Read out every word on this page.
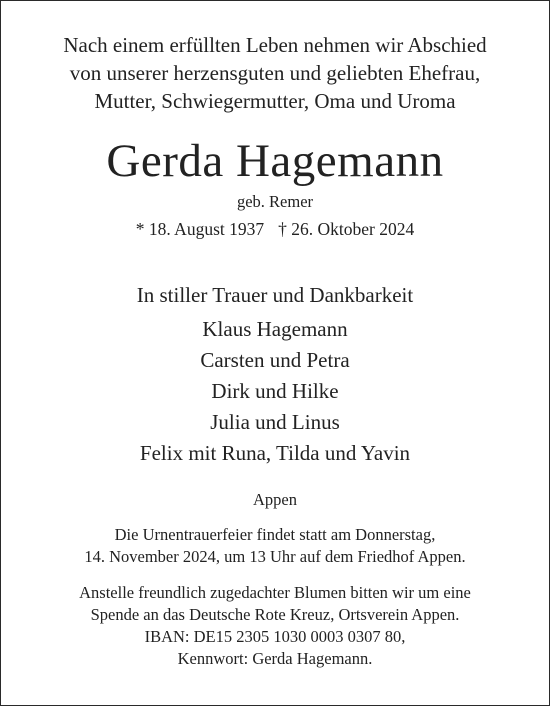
Nach einem erfüllten Leben nehmen wir Abschied
von unserer herzensguten und geliebten Ehefrau,
Mutter, Schwiegermutter, Oma und Uroma
Gerda Hagemann
geb. Remer
* 18. August 1937 † 26. Oktober 2024
In stiller Trauer und Dankbarkeit
Klaus Hagemann
Carsten und Petra
Dirk und Hilke
Julia und Linus
Felix mit Runa, Tilda und Yavin
Appen
Die Urnentrauerfeier findet statt am Donnerstag,
14. November 2024, um 13 Uhr auf dem Friedhof Appen.
Anstelle freundlich zugedachter Blumen bitten wir um eine
Spende an das Deutsche Rote Kreuz, Ortsverein Appen.
IBAN: DE15 2305 1030 0003 0307 80,
Kennwort: Gerda Hagemann.
